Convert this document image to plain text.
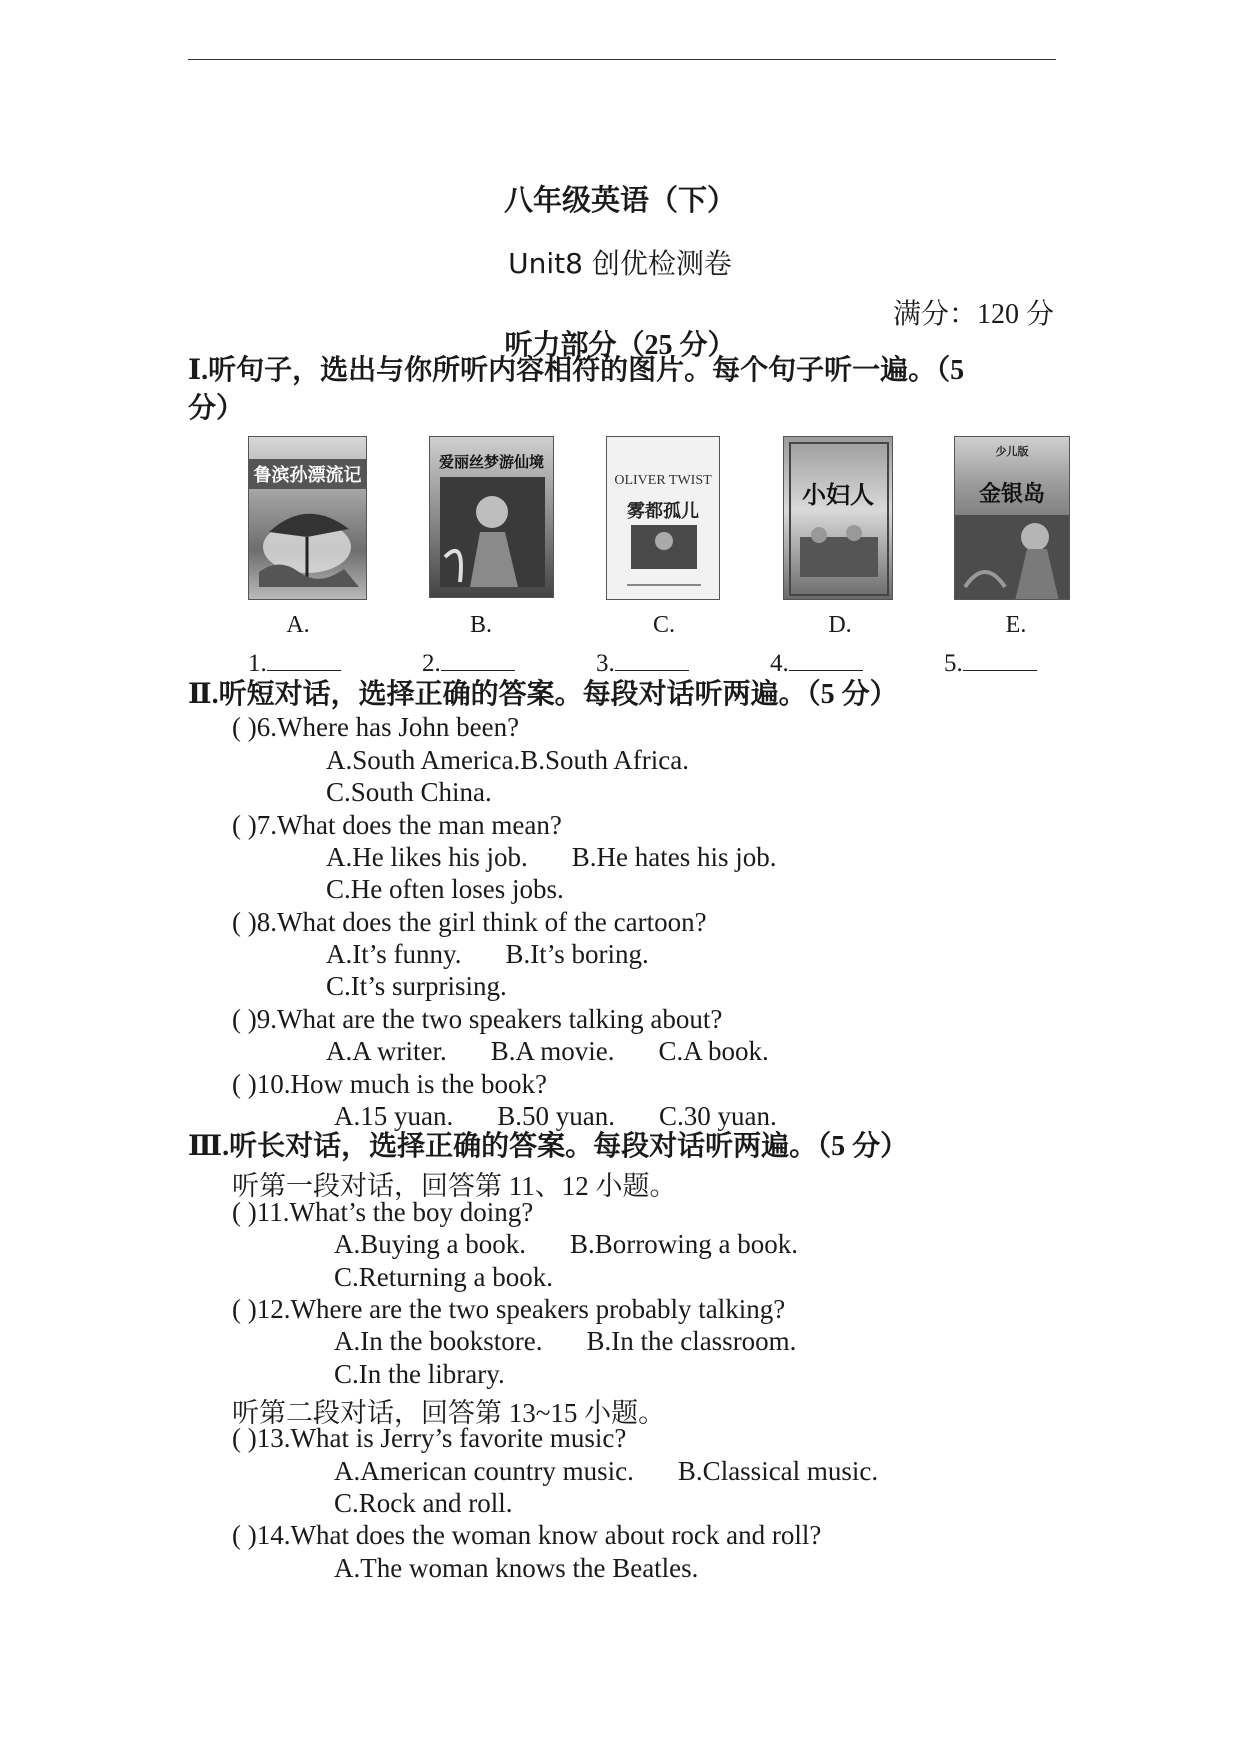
八年级英语（下）
Unit8 创优检测卷
满分：120 分
听力部分（25 分）
Ⅰ.听句子，选出与你所听内容相符的图片。每个句子听一遍。（5
分）
鲁滨孙漂流记
爱丽丝梦游仙境
OLIVER TWIST
雾都孤儿
小妇人
少儿版
金银岛
A.	B.	C.	D.	E.
1.	2.	3.	4.	5.
Ⅱ.听短对话，选择正确的答案。每段对话听两遍。（5 分）
( )6.Where has John been?
A.South America.B.South Africa.
C.South China.
( )7.What does the man mean?
A.He likes his job. B.He hates his job.
C.He often loses jobs.
( )8.What does the girl think of the cartoon?
A.It’s funny. B.It’s boring.
C.It’s surprising.
( )9.What are the two speakers talking about?
A.A writer. B.A movie. C.A book.
( )10.How much is the book?
A.15 yuan. B.50 yuan. C.30 yuan.
Ⅲ.听长对话，选择正确的答案。每段对话听两遍。（5 分）
听第一段对话，回答第 11、12 小题。
( )11.What’s the boy doing?
A.Buying a book. B.Borrowing a book.
C.Returning a book.
( )12.Where are the two speakers probably talking?
A.In the bookstore. B.In the classroom.
C.In the library.
听第二段对话，回答第 13~15 小题。
( )13.What is Jerry’s favorite music?
A.American country music. B.Classical music.
C.Rock and roll.
( )14.What does the woman know about rock and roll?
A.The woman knows the Beatles.
